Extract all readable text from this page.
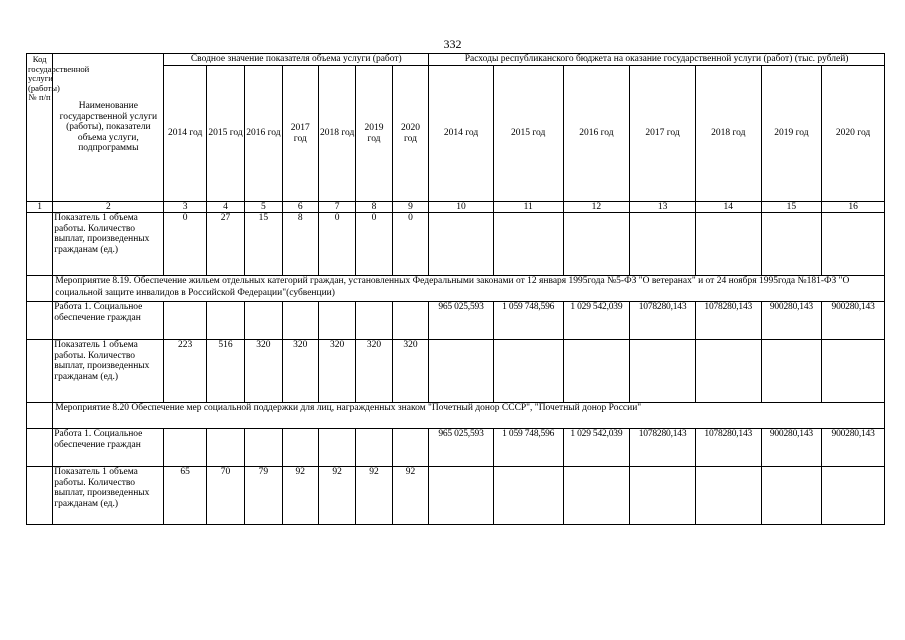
332
Код государственной услуги (работы) № п/п	Наименование государственной услуги (работы), показатели объема услуги, подпрограммы	Сводное значение показателя объема услуги (работ)							Расходы республиканского бюджета на оказание государственной услуги (работ) (тыс. рублей)						
		2014 год	2015 год	2016 год	2017 год	2018 год	2019 год	2020 год	2014 год	2015 год	2016 год	2017 год	2018 год	2019 год	2020 год
1	2	3	4	5	6	7	8	9	10	11	12	13	14	15	16
	Показатель 1 объема работы. Количество выплат, произведенных гражданам (ед.)	0	27	15	8	0	0	0							
	Мероприятие 8.19. Обеспечение жильем отдельных категорий граждан, установленных Федеральными законами от 12 января 1995года №5-ФЗ "О ветеранах" и от 24 ноября 1995года №181-ФЗ "О социальной защите инвалидов в Российской Федерации"(субвенции)														
	Работа 1. Социальное обеспечение граждан								965 025,593	1 059 748,596	1 029 542,039	1078280,143	1078280,143	900280,143	900280,143
	Показатель 1 объема работы. Количество выплат, произведенных гражданам (ед.)	223	516	320	320	320	320	320							
	Мероприятие 8.20 Обеспечение мер социальной поддержки для лиц, награжденных знаком "Почетный донор СССР", "Почетный донор России"														
	Работа 1. Социальное обеспечение граждан								965 025,593	1 059 748,596	1 029 542,039	1078280,143	1078280,143	900280,143	900280,143
	Показатель 1 объема работы. Количество выплат, произведенных гражданам (ед.)	65	70	79	92	92	92	92							
